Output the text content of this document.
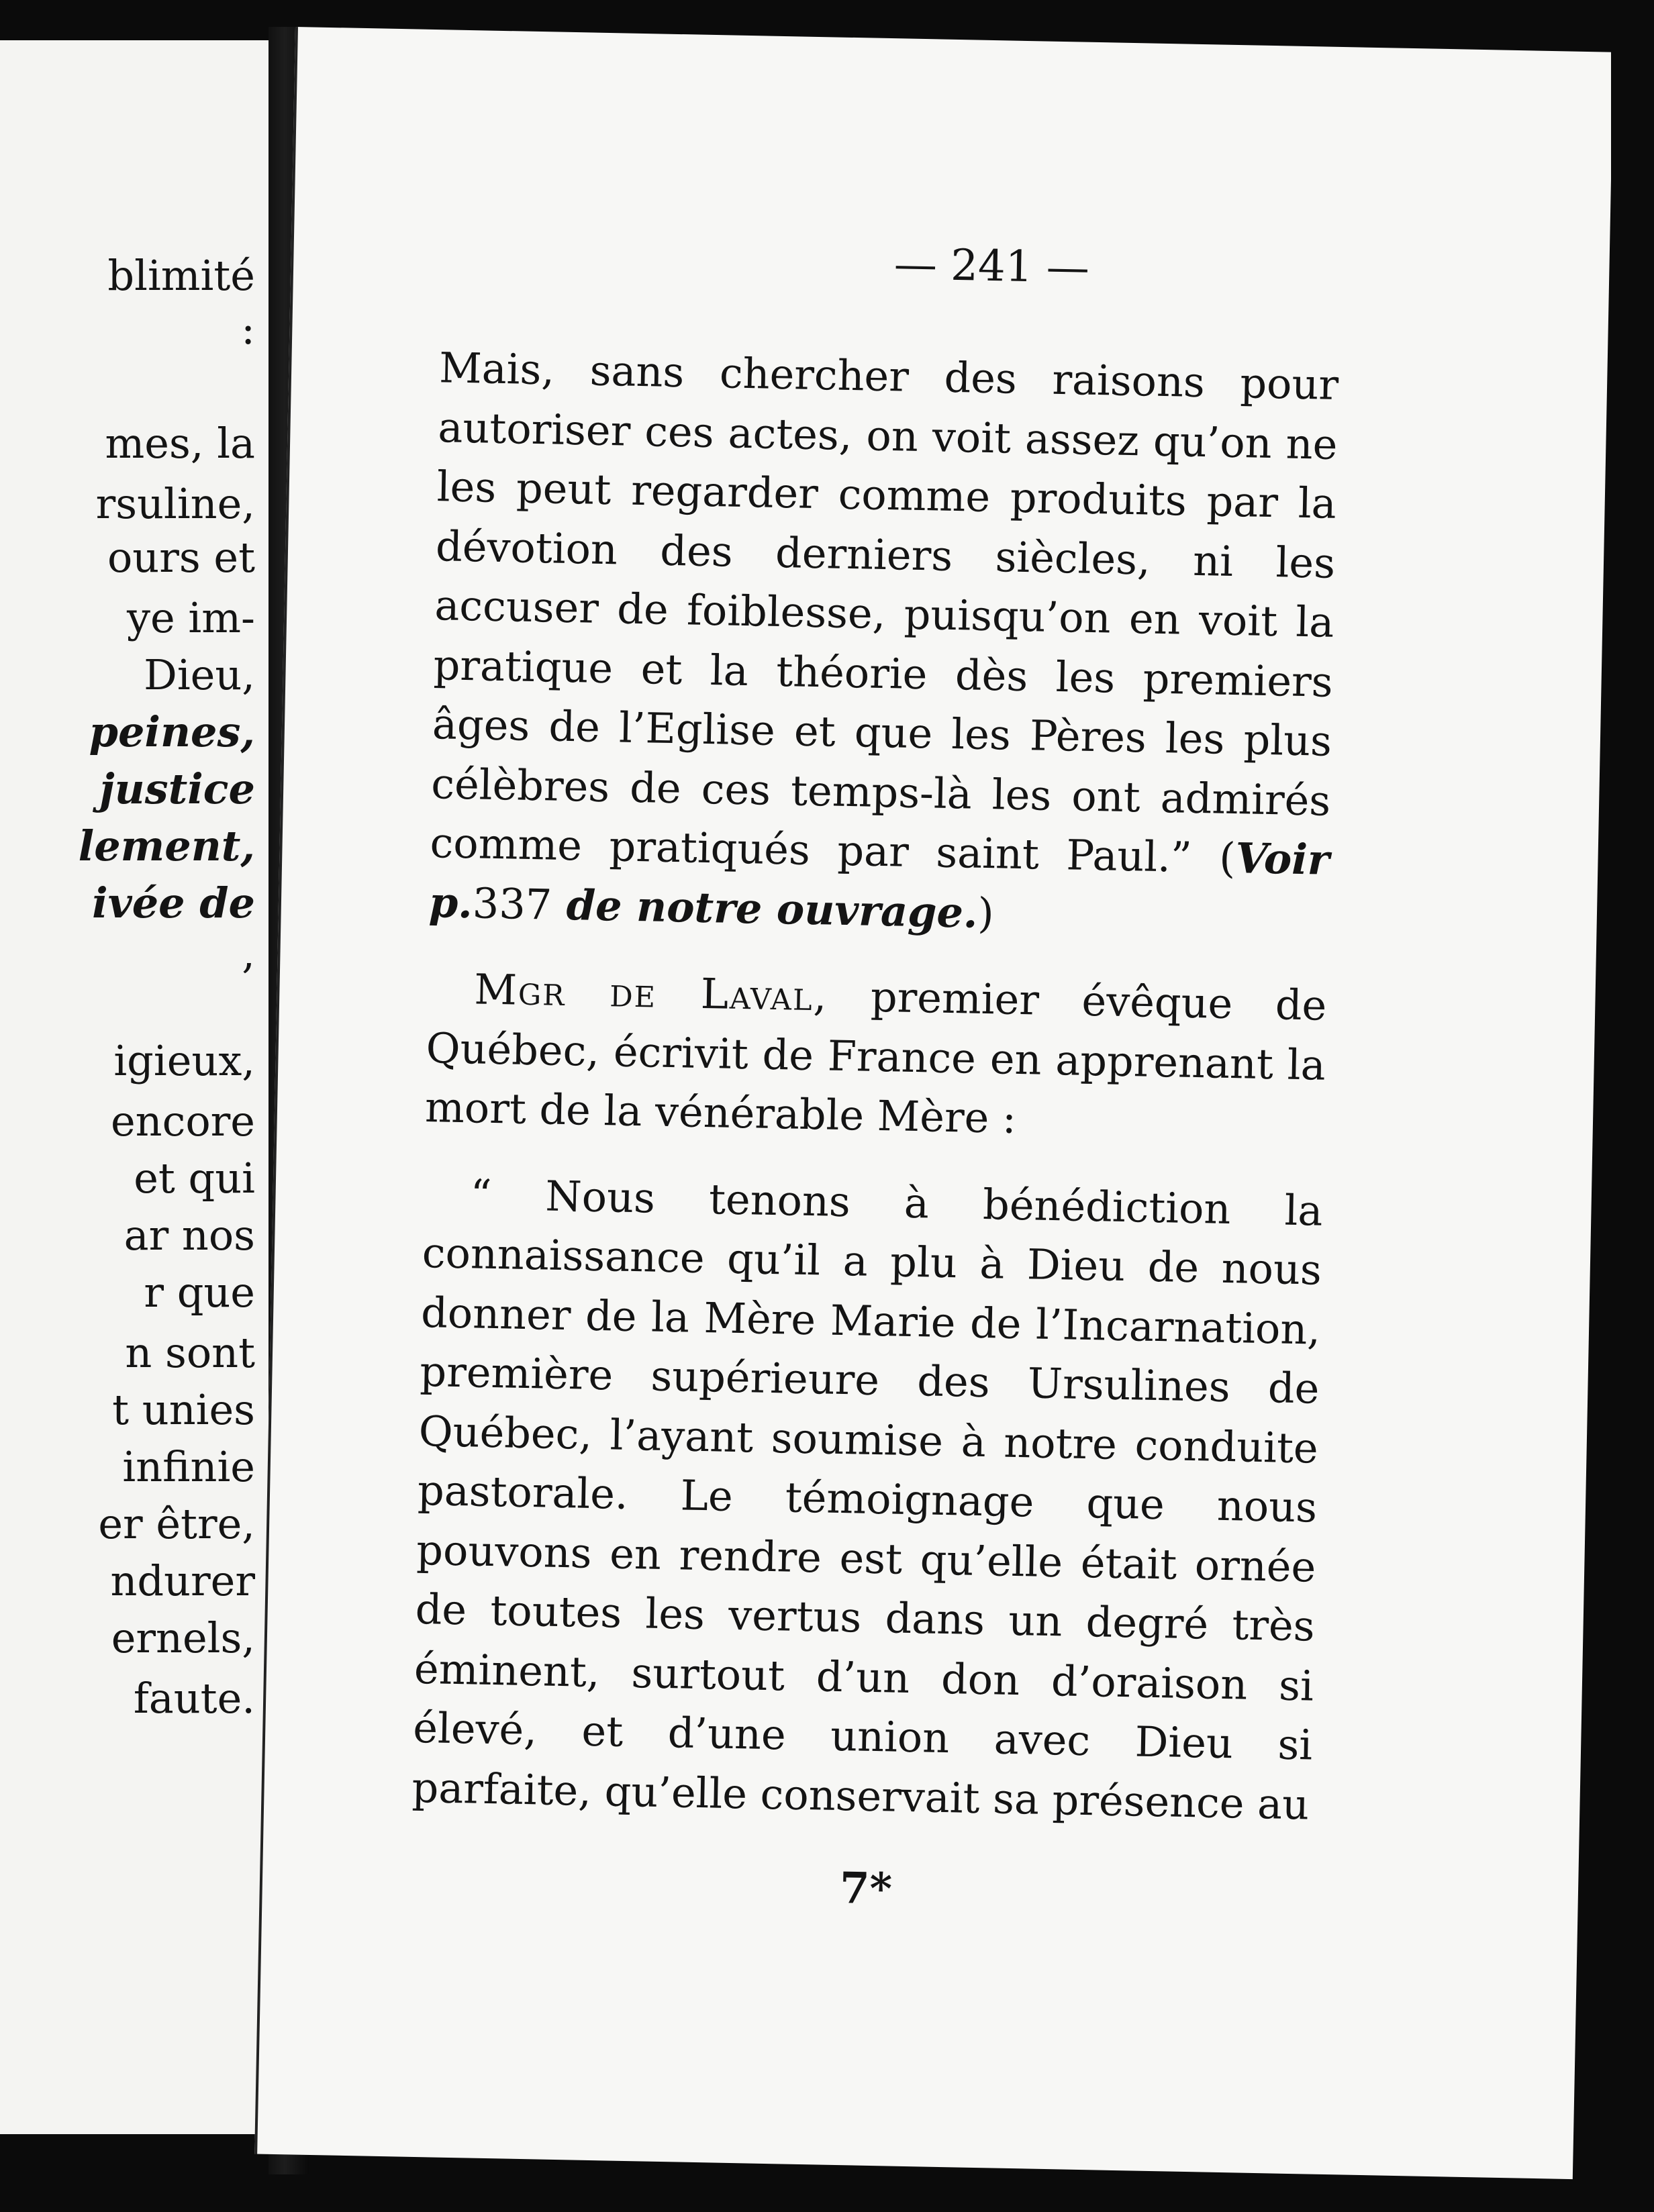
blimité
:
mes, la
rsuline,
ours et
ye im-
Dieu,
peines,
justice
lement,
ivée de
,
igieux,
encore
et qui
ar nos
r que
n sont
t unies
infinie
er être,
ndurer
ernels,
faute.
— 241 —

Mais, sans chercher des raisons pour autoriser ces actes, on voit assez qu’on ne les peut regarder comme produits par la dévotion des derniers siècles, ni les accuser de foiblesse, puisqu’on en voit la pratique et la théorie dès les premiers âges de l’Eglise et que les Pères les plus célèbres de ces temps-là les ont admirés comme pratiqués par saint Paul.” (Voir p.337 de notre ouvrage.)

Mgr de Laval, premier évêque de Québec, écrivit de France en apprenant la mort de la vénérable Mère :

“ Nous tenons à bénédiction la connaissance qu’il a plu à Dieu de nous donner de la Mère Marie de l’Incarnation, première supérieure des Ursulines de Québec, l’ayant soumise à notre conduite pastorale. Le témoignage que nous pouvons en rendre est qu’elle était ornée de toutes les vertus dans un degré très éminent, surtout d’un don d’oraison si élevé, et d’une union avec Dieu si parfaite, qu’elle conservait sa présence au

7*
